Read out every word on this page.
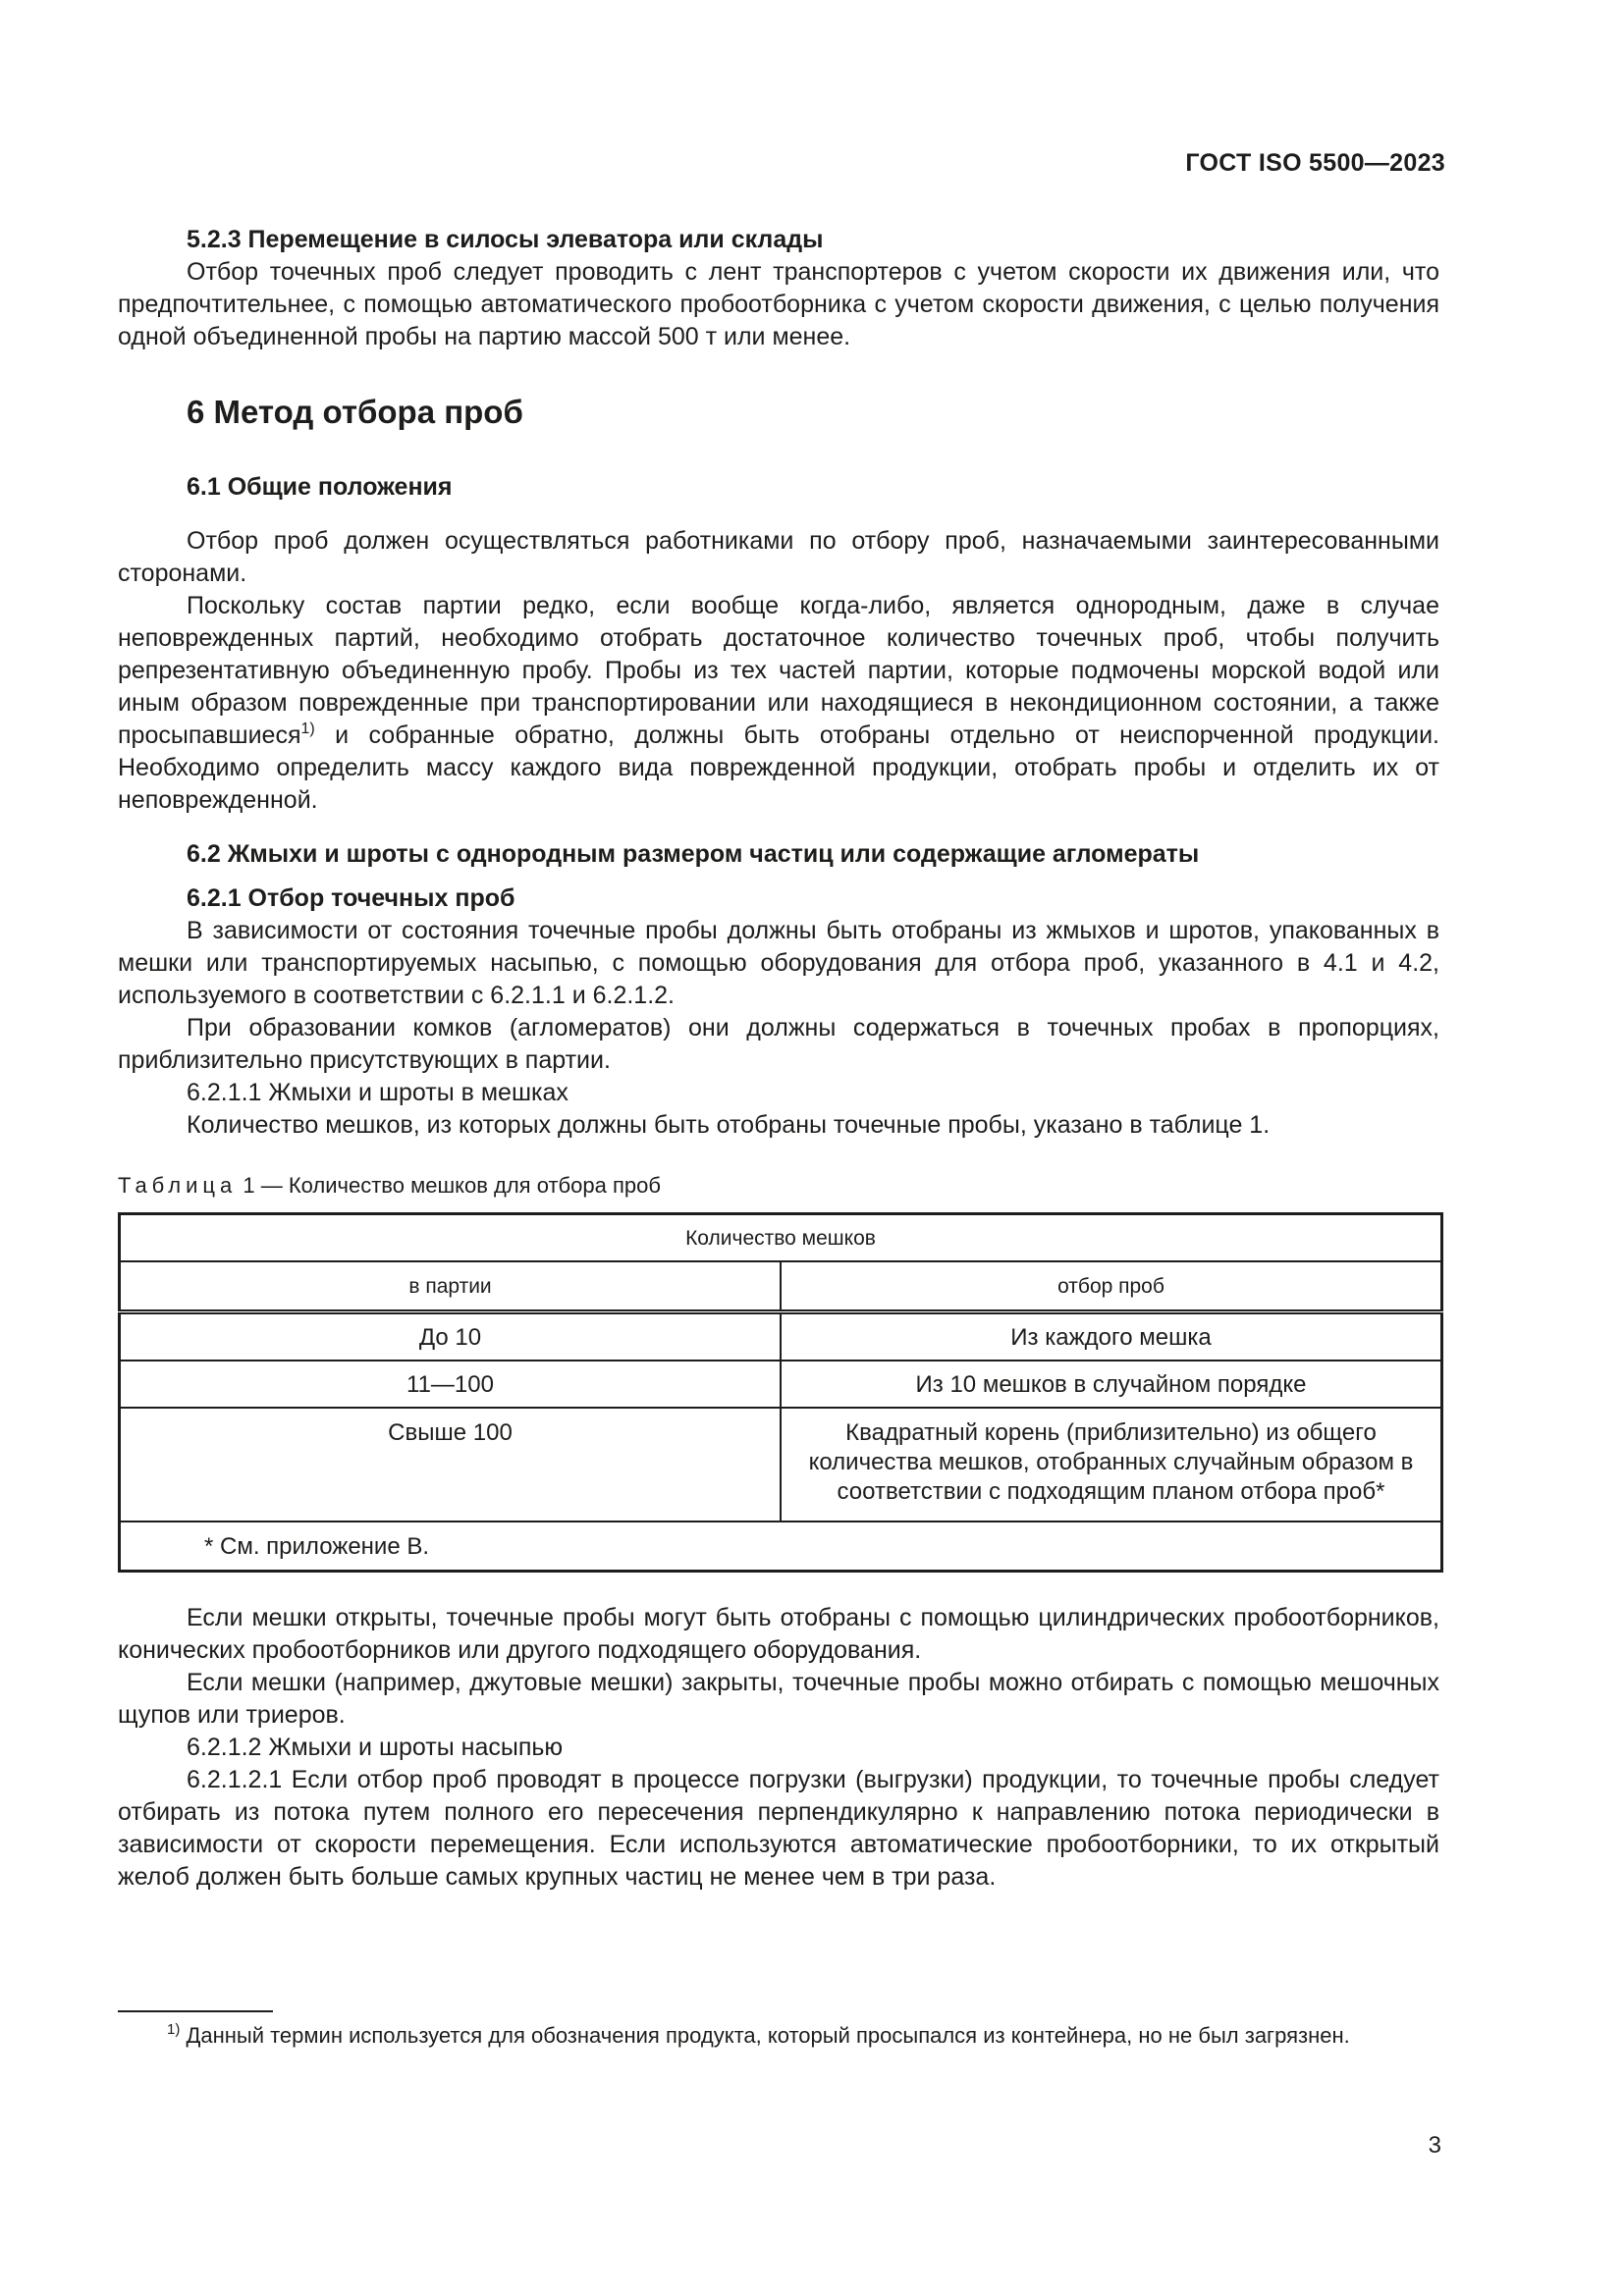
ГОСТ ISO 5500—2023

5.2.3 Перемещение в силосы элеватора или склады

Отбор точечных проб следует проводить с лент транспортеров с учетом скорости их движения или, что предпочтительнее, с помощью автоматического пробоотборника с учетом скорости движения, с целью получения одной объединенной пробы на партию массой 500 т или менее.

6 Метод отбора проб

6.1 Общие положения

Отбор проб должен осуществляться работниками по отбору проб, назначаемыми заинтересованными сторонами.

Поскольку состав партии редко, если вообще когда-либо, является однородным, даже в случае неповрежденных партий, необходимо отобрать достаточное количество точечных проб, чтобы получить репрезентативную объединенную пробу. Пробы из тех частей партии, которые подмочены морской водой или иным образом поврежденные при транспортировании или находящиеся в некондиционном состоянии, а также просыпавшиеся$^{1)}$ и собранные обратно, должны быть отобраны отдельно от неиспорченной продукции. Необходимо определить массу каждого вида поврежденной продукции, отобрать пробы и отделить их от неповрежденной.

6.2 Жмыхи и шроты с однородным размером частиц или содержащие агломераты

6.2.1 Отбор точечных проб

В зависимости от состояния точечные пробы должны быть отобраны из жмыхов и шротов, упакованных в мешки или транспортируемых насыпью, с помощью оборудования для отбора проб, указанного в 4.1 и 4.2, используемого в соответствии с 6.2.1.1 и 6.2.1.2.

При образовании комков (агломератов) они должны содержаться в точечных пробах в пропорциях, приблизительно присутствующих в партии.

6.2.1.1 Жмыхи и шроты в мешках

Количество мешков, из которых должны быть отобраны точечные пробы, указано в таблице 1.

Таблица 1 — Количество мешков для отбора проб

Количество мешков	
в партии	отбор проб
До 10	Из каждого мешка
11—100	Из 10 мешков в случайном порядке
Свыше 100	Квадратный корень (приблизительно) из общего количества мешков, отобранных случайным образом в соответствии с подходящим планом отбора проб*
* См. приложение В.	

Если мешки открыты, точечные пробы могут быть отобраны с помощью цилиндрических пробоотборников, конических пробоотборников или другого подходящего оборудования.

Если мешки (например, джутовые мешки) закрыты, точечные пробы можно отбирать с помощью мешочных щупов или триеров.

6.2.1.2 Жмыхи и шроты насыпью

6.2.1.2.1 Если отбор проб проводят в процессе погрузки (выгрузки) продукции, то точечные пробы следует отбирать из потока путем полного его пересечения перпендикулярно к направлению потока периодически в зависимости от скорости перемещения. Если используются автоматические пробоотборники, то их открытый желоб должен быть больше самых крупных частиц не менее чем в три раза.

$^{1)}$ Данный термин используется для обозначения продукта, который просыпался из контейнера, но не был загрязнен.

3
